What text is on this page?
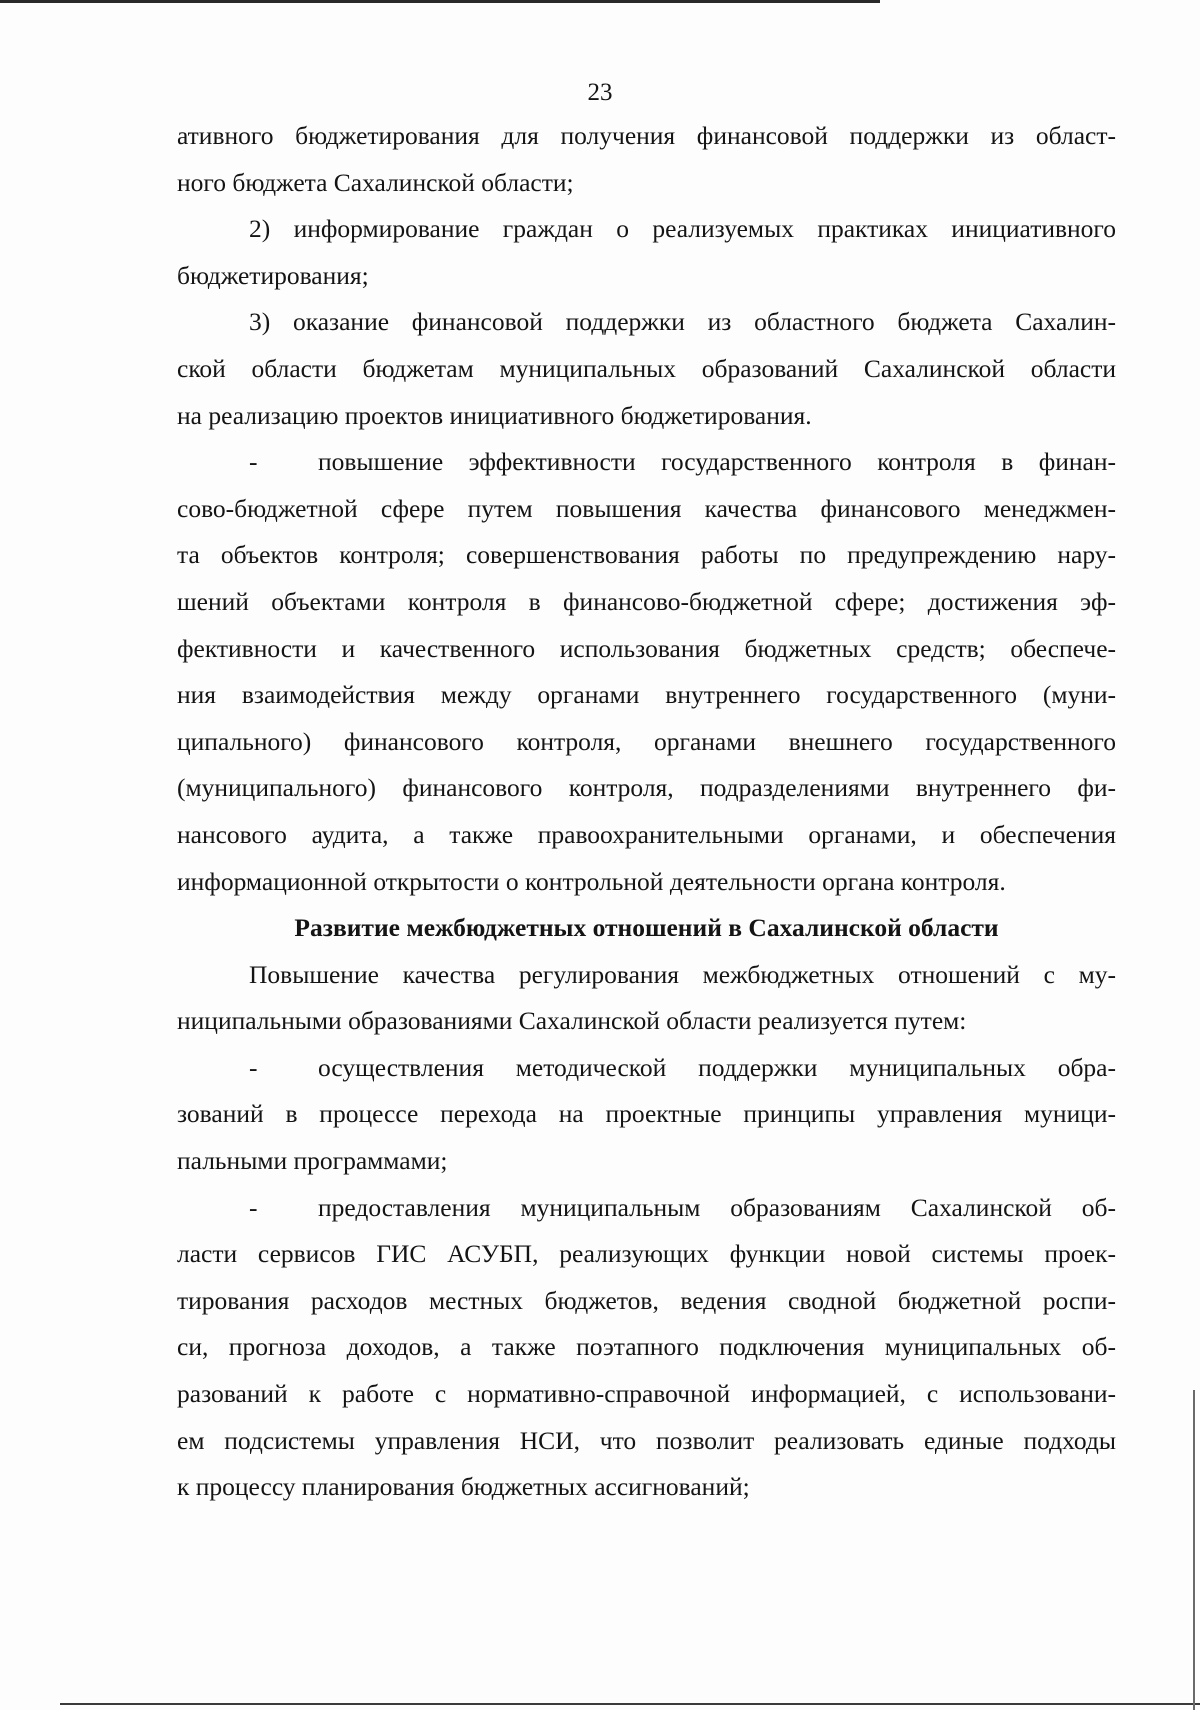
23
ативного бюджетирования для получения финансовой поддержки из област-
ного бюджета Сахалинской области;
2) информирование граждан о реализуемых практиках инициативного
бюджетирования;
3) оказание финансовой поддержки из областного бюджета Сахалин-
ской области бюджетам муниципальных образований Сахалинской области
на реализацию проектов инициативного бюджетирования.
- повышение эффективности государственного контроля в финан-
сово-бюджетной сфере путем повышения качества финансового менеджмен-
та объектов контроля; совершенствования работы по предупреждению нару-
шений объектами контроля в финансово-бюджетной сфере; достижения эф-
фективности и качественного использования бюджетных средств; обеспече-
ния взаимодействия между органами внутреннего государственного (муни-
ципального) финансового контроля, органами внешнего государственного
(муниципального) финансового контроля, подразделениями внутреннего фи-
нансового аудита, а также правоохранительными органами, и обеспечения
информационной открытости о контрольной деятельности органа контроля.
Развитие межбюджетных отношений в Сахалинской области
Повышение качества регулирования межбюджетных отношений с му-
ниципальными образованиями Сахалинской области реализуется путем:
- осуществления методической поддержки муниципальных обра-
зований в процессе перехода на проектные принципы управления муници-
пальными программами;
- предоставления муниципальным образованиям Сахалинской об-
ласти сервисов ГИС АСУБП, реализующих функции новой системы проек-
тирования расходов местных бюджетов, ведения сводной бюджетной роспи-
си, прогноза доходов, а также поэтапного подключения муниципальных об-
разований к работе с нормативно-справочной информацией, с использовани-
ем подсистемы управления НСИ, что позволит реализовать единые подходы
к процессу планирования бюджетных ассигнований;
